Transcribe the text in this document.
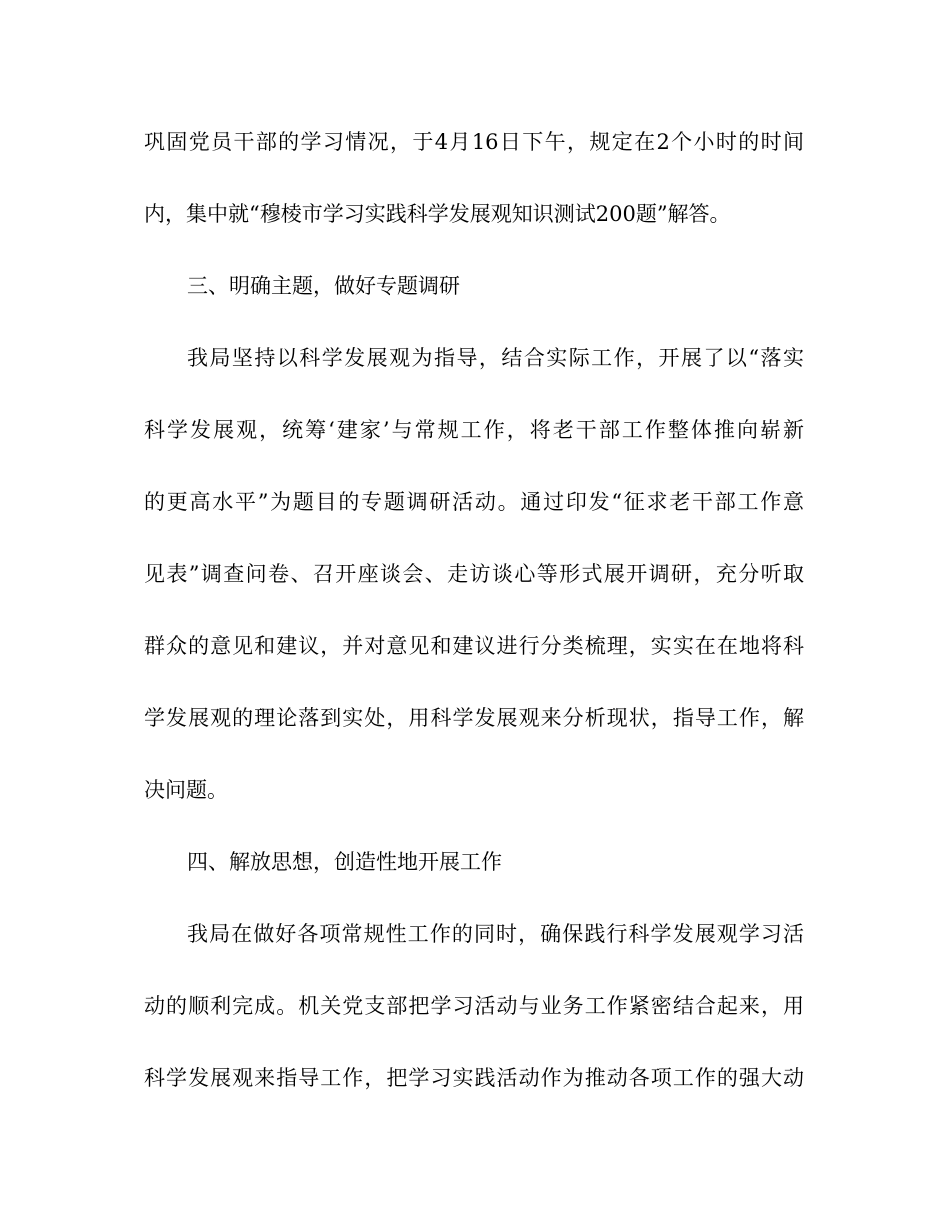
巩固党员干部的学习情况，于4月16日下午，规定在2个小时的时间
内，集中就“穆棱市学习实践科学发展观知识测试200题”解答。
三、明确主题，做好专题调研
我局坚持以科学发展观为指导，结合实际工作，开展了以“落实
科学发展观，统筹‘建家’与常规工作，将老干部工作整体推向崭新
的更高水平”为题目的专题调研活动。通过印发“征求老干部工作意
见表”调查问卷、召开座谈会、走访谈心等形式展开调研，充分听取
群众的意见和建议，并对意见和建议进行分类梳理，实实在在地将科
学发展观的理论落到实处，用科学发展观来分析现状，指导工作，解
决问题。
四、解放思想，创造性地开展工作
我局在做好各项常规性工作的同时，确保践行科学发展观学习活
动的顺利完成。机关党支部把学习活动与业务工作紧密结合起来，用
科学发展观来指导工作，把学习实践活动作为推动各项工作的强大动
